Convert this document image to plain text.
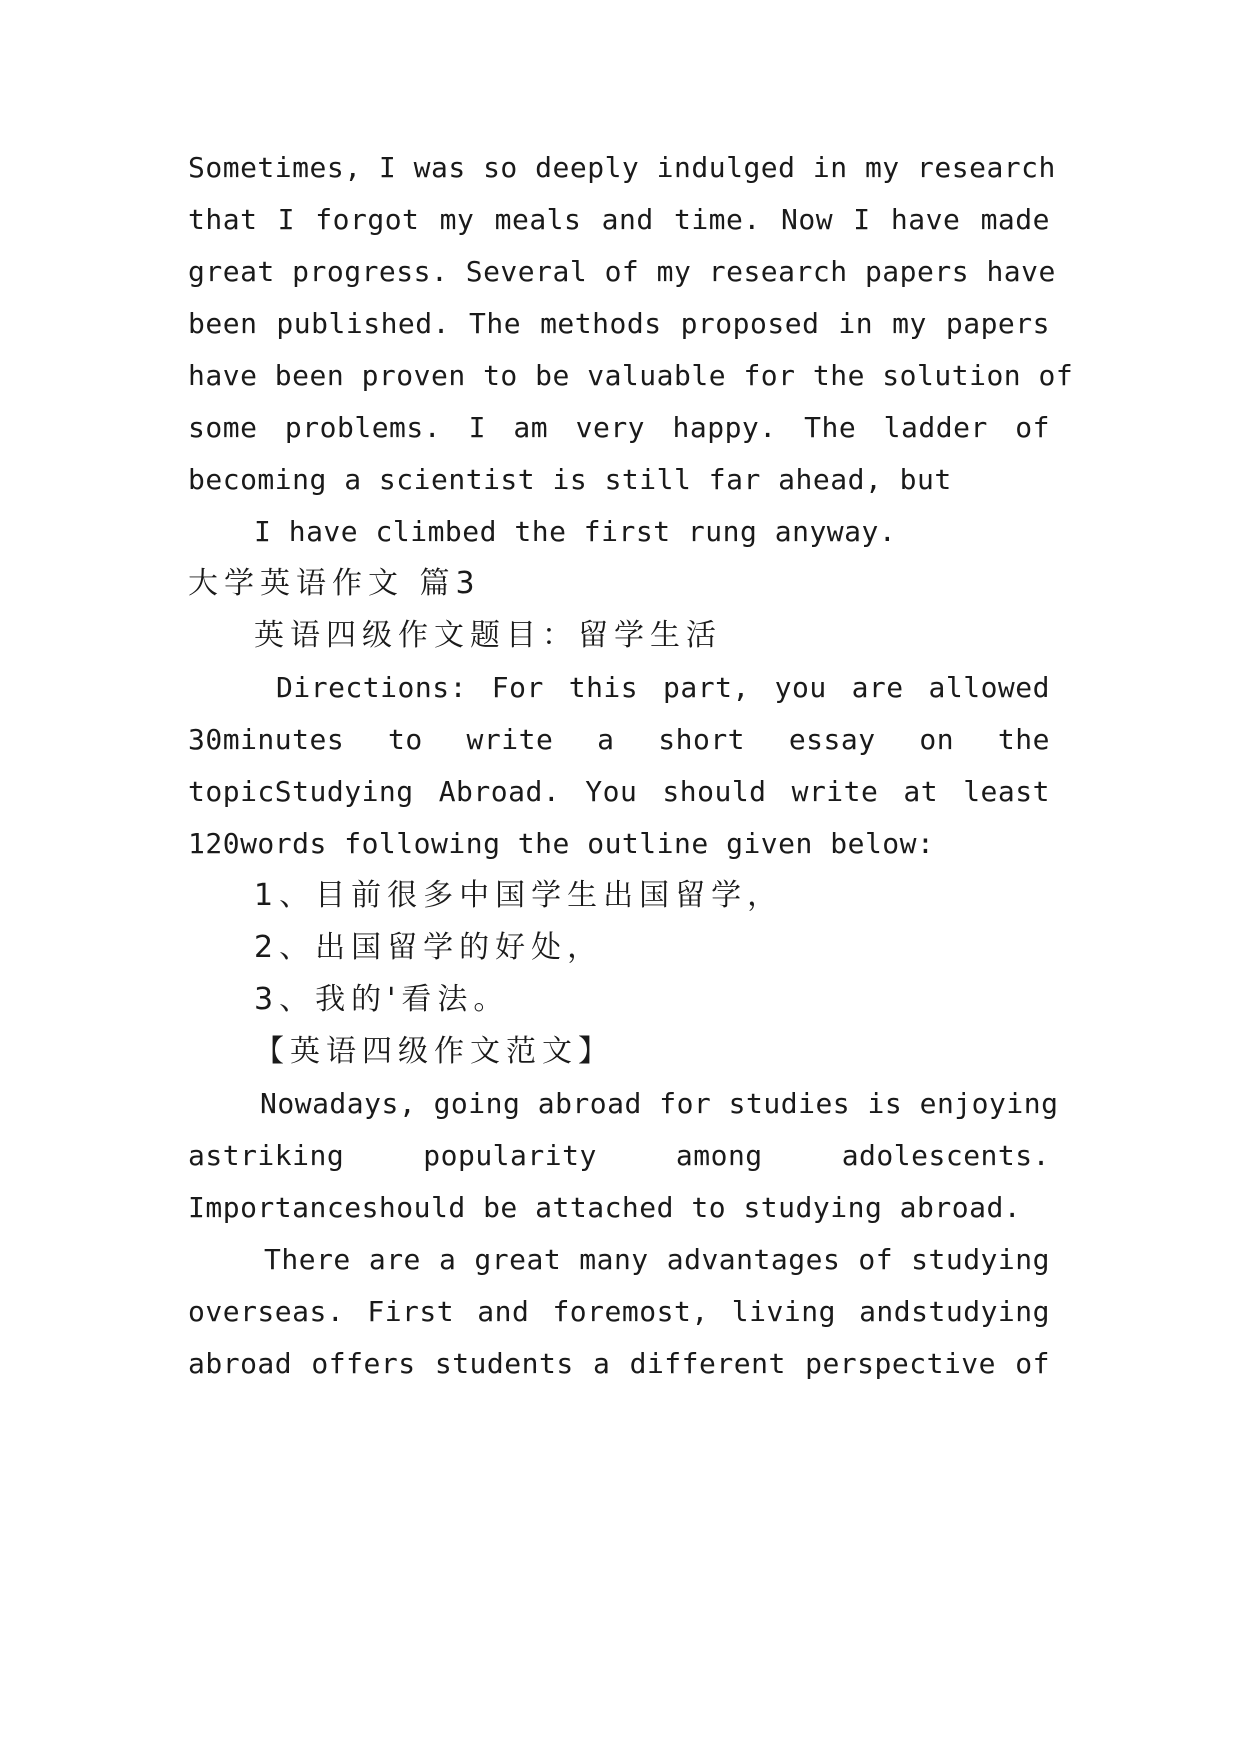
Sometimes, I was so deeply indulged in my research
that I forgot my meals and time. Now I have made
great progress. Several of my research papers have
been published. The methods proposed in my papers
have been proven to be valuable for the solution of
some problems. I am very happy. The ladder of
becoming a scientist is still far ahead, but
I have climbed the first rung anyway.
大学英语作文 篇3
英语四级作文题目：留学生活
Directions: For this part, you are allowed
30minutes to write a short essay on the
topicStudying Abroad. You should write at least
120words following the outline given below:
1、目前很多中国学生出国留学，
2、出国留学的好处，
3、我的'看法。
【英语四级作文范文】
Nowadays, going abroad for studies is enjoying
astriking popularity among adolescents.
Importanceshould be attached to studying abroad.
There are a great many advantages of studying
overseas. First and foremost, living andstudying
abroad offers students a different perspective of
